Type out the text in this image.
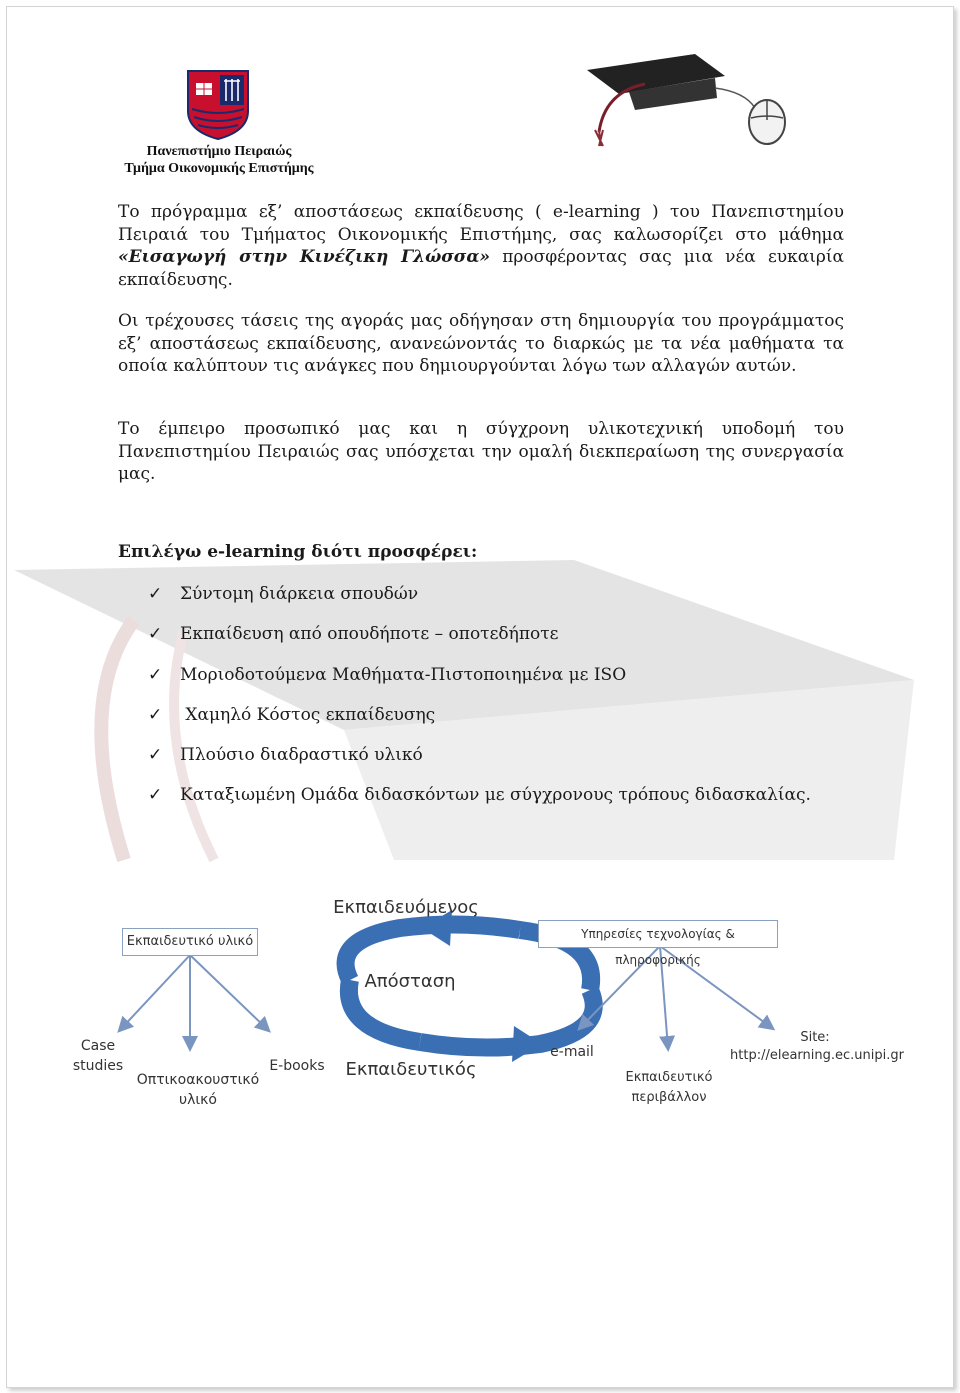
Πανεπιστήμιο Πειραιώς
Τμήμα Οικονομικής Επιστήμης

Το πρόγραμμα εξ’ αποστάσεως εκπαίδευσης ( e-learning ) του Πανεπιστημίου Πειραιά του Τμήματος Οικονομικής Επιστήμης, σας καλωσορίζει στο μάθημα «Εισαγωγή στην Κινέζικη Γλώσσα» προσφέροντας σας μια νέα ευκαιρία εκπαίδευσης.

Οι τρέχουσες τάσεις της αγοράς μας οδήγησαν στη δημιουργία του προγράμματος εξ’ αποστάσεως εκπαίδευσης, ανανεώνοντάς το διαρκώς με τα νέα μαθήματα τα οποία καλύπτουν τις ανάγκες που δημιουργούνται λόγω των αλλαγών αυτών.

Το έμπειρο προσωπικό μας και η σύγχρονη υλικοτεχνική υποδομή του Πανεπιστημίου Πειραιώς σας υπόσχεται την ομαλή διεκπεραίωση της συνεργασία μας.

Επιλέγω e-learning διότι προσφέρει:

✓ Σύντομη διάρκεια σπουδών
✓ Εκπαίδευση από οπουδήποτε – οποτεδήποτε
✓ Μοριοδοτούμενα Μαθήματα-Πιστοποιημένα με ISO
✓ Χαμηλό Κόστος εκπαίδευσης
✓ Πλούσιο διαδραστικό υλικό
✓ Καταξιωμένη Ομάδα διδασκόντων με σύγχρονους τρόπους διδασκαλίας.
Εκπαιδευόμενος
Απόσταση
Εκπαιδευτικός
Εκπαιδευτικό υλικό	Υπηρεσίες τεχνολογίας & πληροφορικής
Case
studies
Οπτικοακουστικό
υλικό
E-books
e-mail
Εκπαιδευτικό
περιβάλλον
Site:
http://elearning.ec.unipi.gr
